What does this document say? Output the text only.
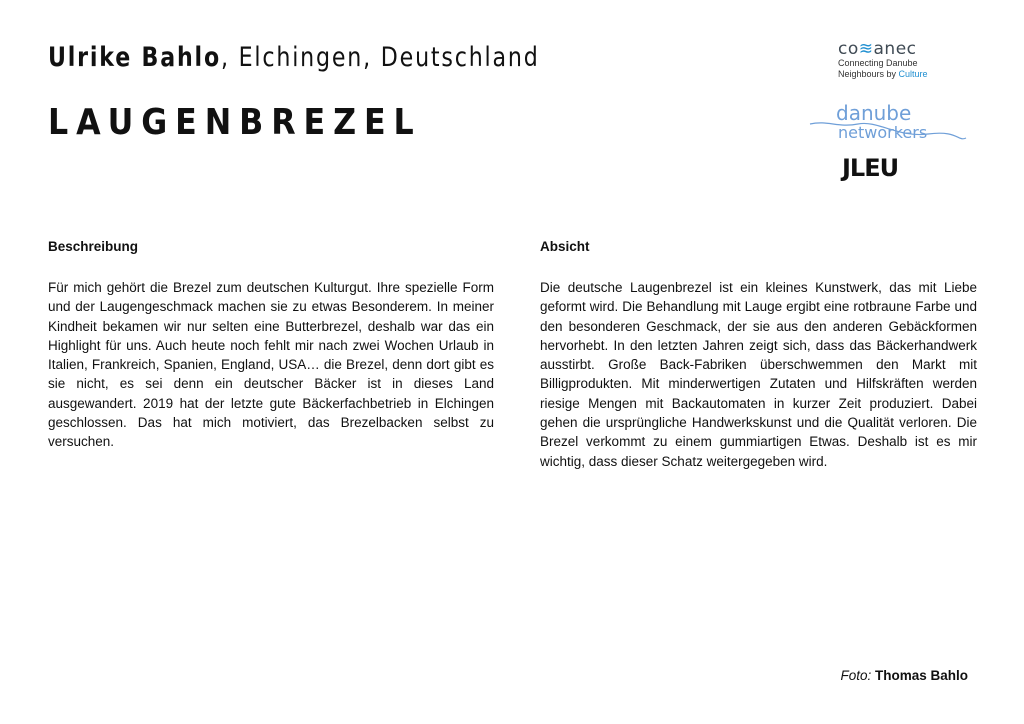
Ulrike Bahlo, Elchingen, Deutschland
LAUGENBREZEL
co≋anec
Connecting Danube
Neighbours by Culture
danube
networkers
JLEU
Beschreibung

Für mich gehört die Brezel zum deutschen Kulturgut. Ihre spezielle Form und der Laugengeschmack machen sie zu etwas Besonderem. In meiner Kindheit bekamen wir nur selten eine Butterbrezel, deshalb war das ein Highlight für uns. Auch heute noch fehlt mir nach zwei Wochen Urlaub in Italien, Frankreich, Spanien, England, USA… die Brezel, denn dort gibt es sie nicht, es sei denn ein deutscher Bäcker ist in dieses Land ausgewandert. 2019 hat der letzte gute Bäckerfachbetrieb in Elchingen geschlossen. Das hat mich motiviert, das Brezelbacken selbst zu versuchen.

Absicht

Die deutsche Laugenbrezel ist ein kleines Kunstwerk, das mit Liebe geformt wird. Die Behandlung mit Lauge ergibt eine rotbraune Farbe und den besonderen Geschmack, der sie aus den anderen Gebäckformen hervorhebt. In den letzten Jahren zeigt sich, dass das Bäckerhandwerk ausstirbt. Große Back-Fabriken überschwemmen den Markt mit Billigprodukten. Mit minderwertigen Zutaten und Hilfskräften werden riesige Mengen mit Backautomaten in kurzer Zeit produziert. Dabei gehen die ursprüngliche Handwerkskunst und die Qualität verloren. Die Brezel verkommt zu einem gummiartigen Etwas. Deshalb ist es mir wichtig, dass dieser Schatz weitergegeben wird.

Foto: Thomas Bahlo
